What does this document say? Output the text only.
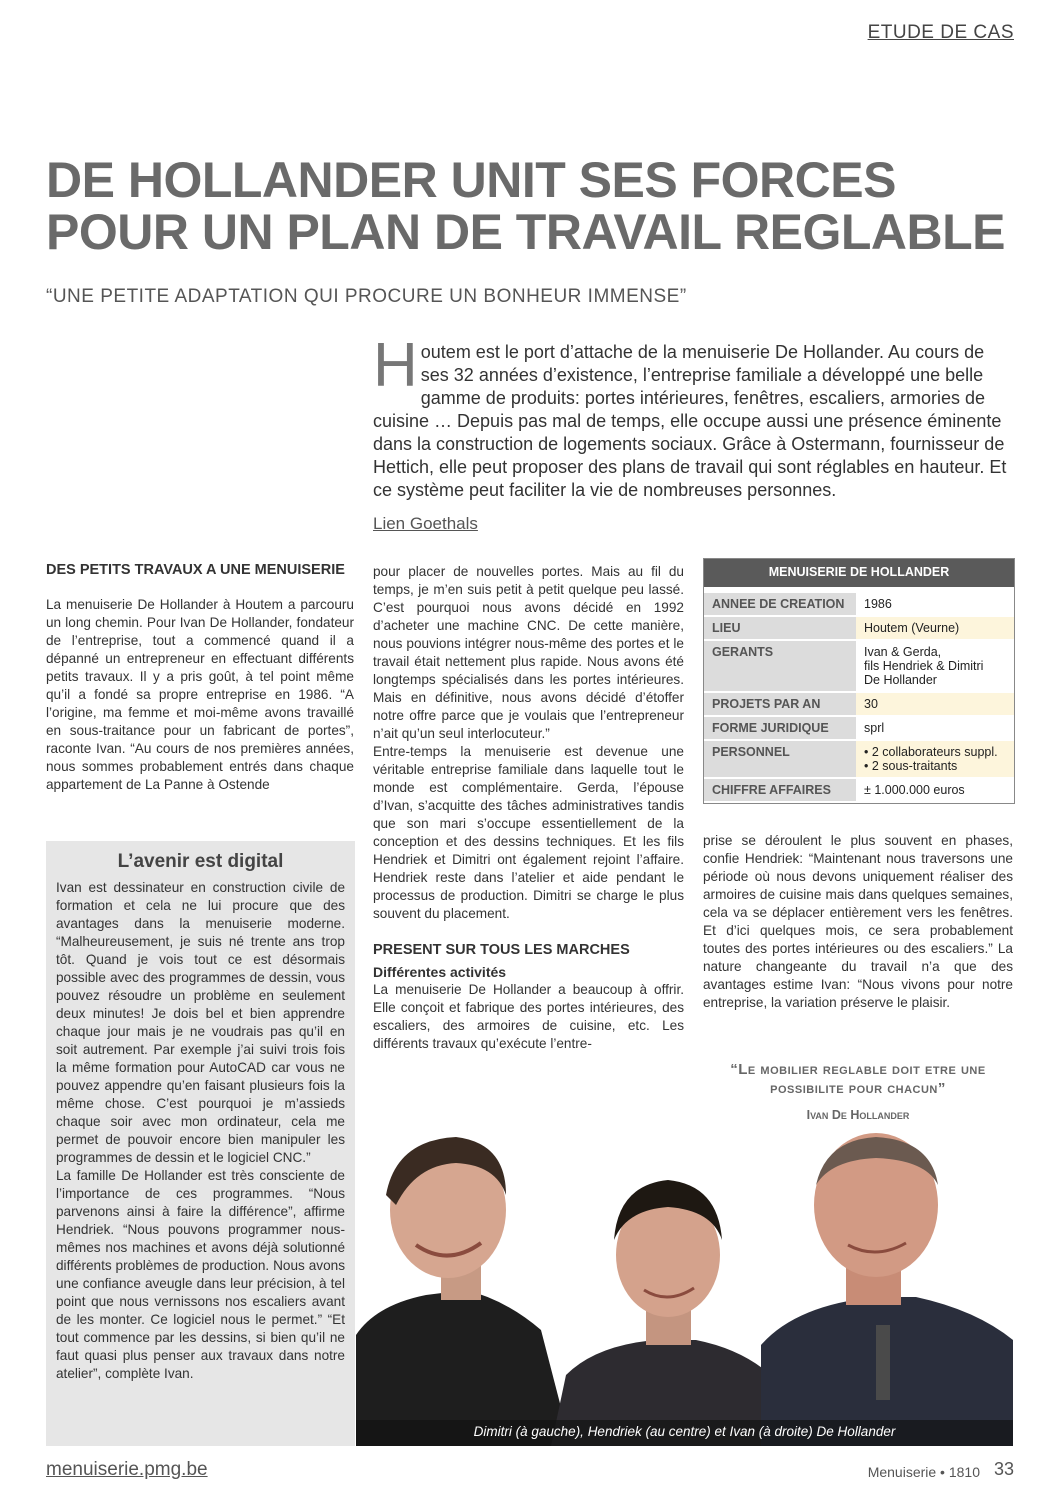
ETUDE DE CAS
DE HOLLANDER UNIT SES FORCES
POUR UN PLAN DE TRAVAIL REGLABLE
“UNE PETITE ADAPTATION QUI PROCURE UN BONHEUR IMMENSE”
Houtem est le port d’attache de la menuiserie De Hollander. Au cours de ses 32 années d’existence, l’entreprise familiale a développé une belle gamme de produits: portes intérieures, fenêtres, escaliers, armories de cuisine … Depuis pas mal de temps, elle occupe aussi une présence éminente dans la construction de logements sociaux. Grâce à Ostermann, fournisseur de Hettich, elle peut proposer des plans de travail qui sont réglables en hauteur. Et ce système peut faciliter la vie de nombreuses personnes.
Lien Goethals
DES PETITS TRAVAUX A UNE MENUISERIE

La menuiserie De Hollander à Houtem a parcouru un long chemin. Pour Ivan De Hollander, fondateur de l’entreprise, tout a commencé quand il a dépanné un entrepreneur en effectuant différents petits travaux. Il y a pris goût, à tel point même qu’il a fondé sa propre entreprise en 1986. “A l’origine, ma femme et moi-même avons travaillé en sous-traitance pour un fabricant de portes”, raconte Ivan. “Au cours de nos premières années, nous sommes probablement entrés dans chaque appartement de La Panne à Ostende

L’avenir est digital

Ivan est dessinateur en construction civile de formation et cela ne lui procure que des avantages dans la menuiserie moderne. “Malheureusement, je suis né trente ans trop tôt. Quand je vois tout ce est désormais possible avec des programmes de dessin, vous pouvez résoudre un problème en seulement deux minutes! Je dois bel et bien apprendre chaque jour mais je ne voudrais pas qu’il en soit autrement. Par exemple j’ai suivi trois fois la même formation pour AutoCAD car vous ne pouvez appendre qu’en faisant plusieurs fois la même chose. C’est pourquoi je m’assieds chaque soir avec mon ordinateur, cela me permet de pouvoir encore bien manipuler les programmes de dessin et le logiciel CNC.”

La famille De Hollander est très consciente de l’importance de ces programmes. “Nous parvenons ainsi à faire la différence”, affirme Hendriek. “Nous pouvons programmer nous-mêmes nos machines et avons déjà solutionné différents problèmes de production. Nous avons une confiance aveugle dans leur précision, à tel point que nous vernissons nos escaliers avant de les monter. Ce logiciel nous le permet.” “Et tout commence par les dessins, si bien qu’il ne faut quasi plus penser aux travaux dans notre atelier”, complète Ivan.

pour placer de nouvelles portes. Mais au fil du temps, je m’en suis petit à petit quelque peu lassé. C’est pourquoi nous avons décidé en 1992 d’acheter une machine CNC. De cette manière, nous pouvions intégrer nous-même des portes et le travail était nettement plus rapide. Nous avons été longtemps spécialisés dans les portes intérieures. Mais en définitive, nous avons décidé d’étoffer notre offre parce que je voulais que l’entrepreneur n’ait qu’un seul interlocuteur.”

Entre-temps la menuiserie est devenue une véritable entreprise familiale dans laquelle tout le monde est complémentaire. Gerda, l’épouse d’Ivan, s’acquitte des tâches administratives tandis que son mari s’occupe essentiellement de la conception et des dessins techniques. Et les fils Hendriek et Dimitri ont également rejoint l’affaire. Hendriek reste dans l’atelier et aide pendant le processus de production. Dimitri se charge le plus souvent du placement.

PRESENT SUR TOUS LES MARCHES
Différentes activités

La menuiserie De Hollander a beaucoup à offrir. Elle conçoit et fabrique des portes intérieures, des escaliers, des armoires de cuisine, etc. Les différents travaux qu’exécute l’entre-

MENUISERIE DE HOLLANDER
ANNEE DE CREATION	1986
LIEU	Houtem (Veurne)
GERANTS	Ivan & Gerda,
fils Hendriek & Dimitri
De Hollander

PROJETS PAR AN	30
FORME JURIDIQUE	sprl
PERSONNEL	• 2 collaborateurs suppl.
• 2 sous-traitants

CHIFFRE AFFAIRES	± 1.000.000 euros

prise se déroulent le plus souvent en phases, confie Hendriek: “Maintenant nous traversons une période où nous devons uniquement réaliser des armoires de cuisine mais dans quelques semaines, cela va se déplacer entièrement vers les fenêtres. Et d’ici quelques mois, ce sera probablement toutes des portes intérieures ou des escaliers.” La nature changeante du travail n’a que des avantages estime Ivan: “Nous vivons pour notre entreprise, la variation préserve le plaisir.

“Le mobilier reglable doit etre une
possibilite pour chacun”
Ivan De Hollander
Dimitri (à gauche), Hendriek (au centre) et Ivan (à droite) De Hollander
menuiserie.pmg.be	Menuiserie • 1810 33
